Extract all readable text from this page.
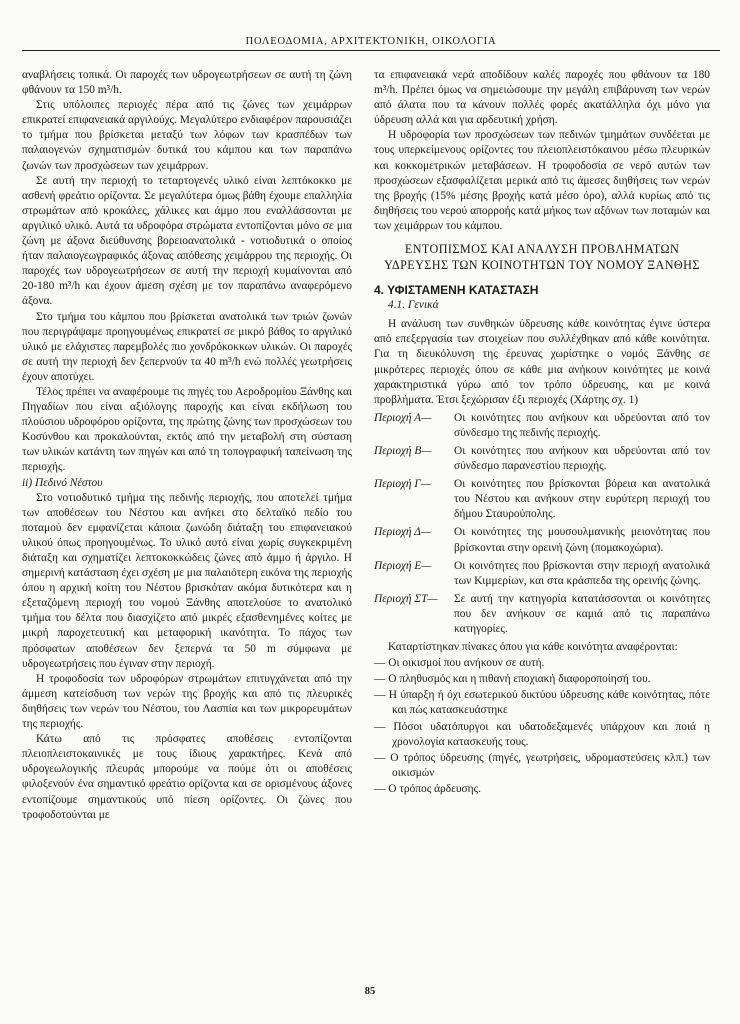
ΠΟΛΕΟΔΟΜΙΑ, ΑΡΧΙΤΕΚΤΟΝΙΚΗ, ΟΙΚΟΛΟΓΙΑ

αναβλήσεις τοπικά. Οι παροχές των υδρογεωτρήσεων σε αυτή τη ζώνη φθάνουν τα 150 m³/h.

Στις υπόλοιπες περιοχές πέρα από τις ζώνες των χειμάρρων επικρατεί επιφανειακά αργιλούχς. Μεγαλύτερο ενδιαφέρον παρουσιάζει το τμήμα που βρίσκεται μεταξύ των λόφων των κρασπέδων των παλαιογενών σχηματισμών δυτικά του κάμπου και των παραπάνω ζωνών των προσχώσεων των χειμάρρων.

Σε αυτή την περιοχή το τεταρτογενές υλικό είναι λεπτόκοκκο με ασθενή φρεάτιο ορίζοντα. Σε μεγαλύτερα όμως βάθη έχουμε επαλληλία στρωμάτων από κροκάλες, χάλικες και άμμο που εναλλάσσονται με αργιλικό υλικό. Αυτά τα υδροφόρα στρώματα εντοπίζονται μόνο σε μια ζώνη με άξονα διεύθυνσης βορειοανατολικά - νοτιοδυτικά ο οποίος ήταν παλαιογεωγραφικός άξονας απόθεσης χειμάρρου της περιοχής. Οι παροχές των υδρογεωτρήσεων σε αυτή την περιοχή κυμαίνονται από 20-180 m³/h και έχουν άμεση σχέση με τον παραπάνω αναφερόμενο άξονα.

Στο τμήμα του κάμπου που βρίσκεται ανατολικά των τριών ζωνών που περιγράψαμε προηγουμένως επικρατεί σε μικρό βάθος το αργιλικό υλικό με ελάχιστες παρεμβολές πιο χονδρόκοκκων υλικών. Οι παροχές σε αυτή την περιοχή δεν ξεπερνούν τα 40 m³/h ενώ πολλές γεωτρήσεις έχουν αποτύχει.

Τέλος πρέπει να αναφέρουμε τις πηγές του Αεροδρομίου Ξάνθης και Πηγαδίων που είναι αξιόλογης παροχής και είναι εκδήλωση του πλούσιου υδροφόρου ορίζοντα, της πρώτης ζώνης των προσχώσεων του Κοσύνθου και προκαλούνται, εκτός από την μεταβολή στη σύσταση των υλικών κατάντη των πηγών και από τη τοπογραφική ταπείνωση της περιοχής.

ii) Πεδινό Νέστου

Στο νοτιοδυτικό τμήμα της πεδινής περιοχής, που αποτελεί τμήμα των αποθέσεων του Νέστου και ανήκει στο δελταϊκό πεδίο του ποταμού δεν εμφανίζεται κάποια ζωνώδη διάταξη του επιφανειακού υλικού όπως προηγουμένως. Το υλικό αυτό είναι χωρίς συγκεκριμένη διάταξη και σχηματίζει λεπτοκοκκώδεις ζώνες από άμμο ή άργιλο. Η σημερινή κατάσταση έχει σχέση με μια παλαιότερη εικόνα της περιοχής όπου η αρχική κοίτη του Νέστου βρισκόταν ακόμα δυτικότερα και η εξεταζόμενη περιοχή του νομού Ξάνθης αποτελούσε το ανατολικό τμήμα του δέλτα που διασχίζετο από μικρές εξασθενημένες κοίτες με μικρή παροχετευτική και μεταφορική ικανότητα. Το πάχος των πρόσφατων αποθέσεων δεν ξεπερνά τα 50 m σύμφωνα με υδρογεωτρήσεις που έγιναν στην περιοχή.

Η τροφοδοσία των υδροφόρων στρωμάτων επιτυγχάνεται από την άμμεση κατείσδυση των νερών της βροχής και από τις πλευρικές διηθήσεις των νερών του Νέστου, του Λασπία και των μικρορευμάτων της περιοχής.

Κάτω από τις πρόσφατες αποθέσεις εντοπίζονται πλειοπλειστοκαινικές με τους ίδιους χαρακτήρες. Κενά από υδρογεωλογικής πλευράς μπορούμε να πούμε ότι οι αποθέσεις φιλοξενούν ένα σημαντικό φρεάτιο ορίζοντα και σε ορισμένους άξονες εντοπίζουμε σημαντικούς υπό πίεση ορίζοντες. Οι ζώνες που τροφοδοτούνται με

τα επιφανειακά νερά αποδίδουν καλές παροχές που φθάνουν τα 180 m³/h. Πρέπει όμως να σημειώσουμε την μεγάλη επιβάρυνση των νερών από άλατα που τα κάνουν πολλές φορές ακατάλληλα όχι μόνο για ύδρευση αλλά και για αρδευτική χρήση.

Η υδροφορία των προσχώσεων των πεδινών τμημάτων συνδέεται με τους υπερκείμενους ορίζοντες του πλειοπλειστόκαινου μέσω πλευρικών και κοκκομετρικών μεταβάσεων. Η τροφοδοσία σε νερό αυτών των προσχώσεων εξασφαλίζεται μερικά από τις άμεσες διηθήσεις των νερών της βροχής (15% μέσης βροχής κατά μέσο όρο), αλλά κυρίως από τις διηθήσεις του νερού απορροής κατά μήκος των αξόνων των ποταμών και των χειμάρρων του κάμπου.

ΕΝΤΟΠΙΣΜΟΣ ΚΑΙ ΑΝΑΛΥΣΗ ΠΡΟΒΛΗΜΑΤΩΝ ΥΔΡΕΥΣΗΣ ΤΩΝ ΚΟΙΝΟΤΗΤΩΝ ΤΟΥ ΝΟΜΟΥ ΞΑΝΘΗΣ
4. ΥΦΙΣΤΑΜΕΝΗ ΚΑΤΑΣΤΑΣΗ
4.1. Γενικά

Η ανάλυση των συνθηκών ύδρευσης κάθε κοινότητας έγινε ύστερα από επεξεργασία των στοιχείων που συλλέχθηκαν από κάθε κοινότητα. Για τη διευκόλυνση της έρευνας χωρίστηκε ο νομός Ξάνθης σε μικρότερες περιοχές όπου σε κάθε μια ανήκουν κοινότητες με κοινά χαρακτηριστικά γύρω από τον τρόπο ύδρευσης, και με κοινά προβλήματα. Έτσι ξεχώρισαν έξι περιοχές (Χάρτης σχ. 1)

Περιοχή Α—	Οι κοινότητες που ανήκουν και υδρεύονται από τον σύνδεσμο της πεδινής περιοχής.
Περιοχή Β—	Οι κοινότητες που ανήκουν και υδρεύονται από τον σύνδεσμο παρανεστίου περιοχής.
Περιοχή Γ—	Οι κοινότητες που βρίσκονται βόρεια και ανατολικά του Νέστου και ανήκουν στην ευρύτερη περιοχή του δήμου Σταυρούπολης.
Περιοχή Δ—	Οι κοινότητες της μουσουλμανικής μειονότητας που βρίσκονται στην ορεινή ζώνη (πομακοχώρια).
Περιοχή Ε—	Οι κοινότητες που βρίσκονται στην περιοχή ανατολικά των Κιμμερίων, και στα κράσπεδα της ορεινής ζώνης.
Περιοχή ΣΤ—	Σε αυτή την κατηγορία κατατάσσονται οι κοινότητες που δεν ανήκουν σε καμιά από τις παραπάνω κατηγορίες.

Καταρτίστηκαν πίνακες όπου για κάθε κοινότητα αναφέρονται:

— Οι οικισμοί που ανήκουν σε αυτή.
— Ο πληθυσμός και η πιθανή εποχιακή διαφοροποίησή του.
— Η ύπαρξη ή όχι εσωτερικού δικτύου ύδρευσης κάθε κοινότητας, πότε και πώς κατασκευάστηκε
— Πόσοι υδατόπυργοι και υδατοδεξαμενές υπάρχουν και ποιά η χρονολογία κατασκευής τους.
— Ο τρόπος ύδρευσης (πηγές, γεωτρήσεις, υδρομαστεύσεις κλπ.) των οικισμών
— Ο τρόπος άρδευσης.
85
